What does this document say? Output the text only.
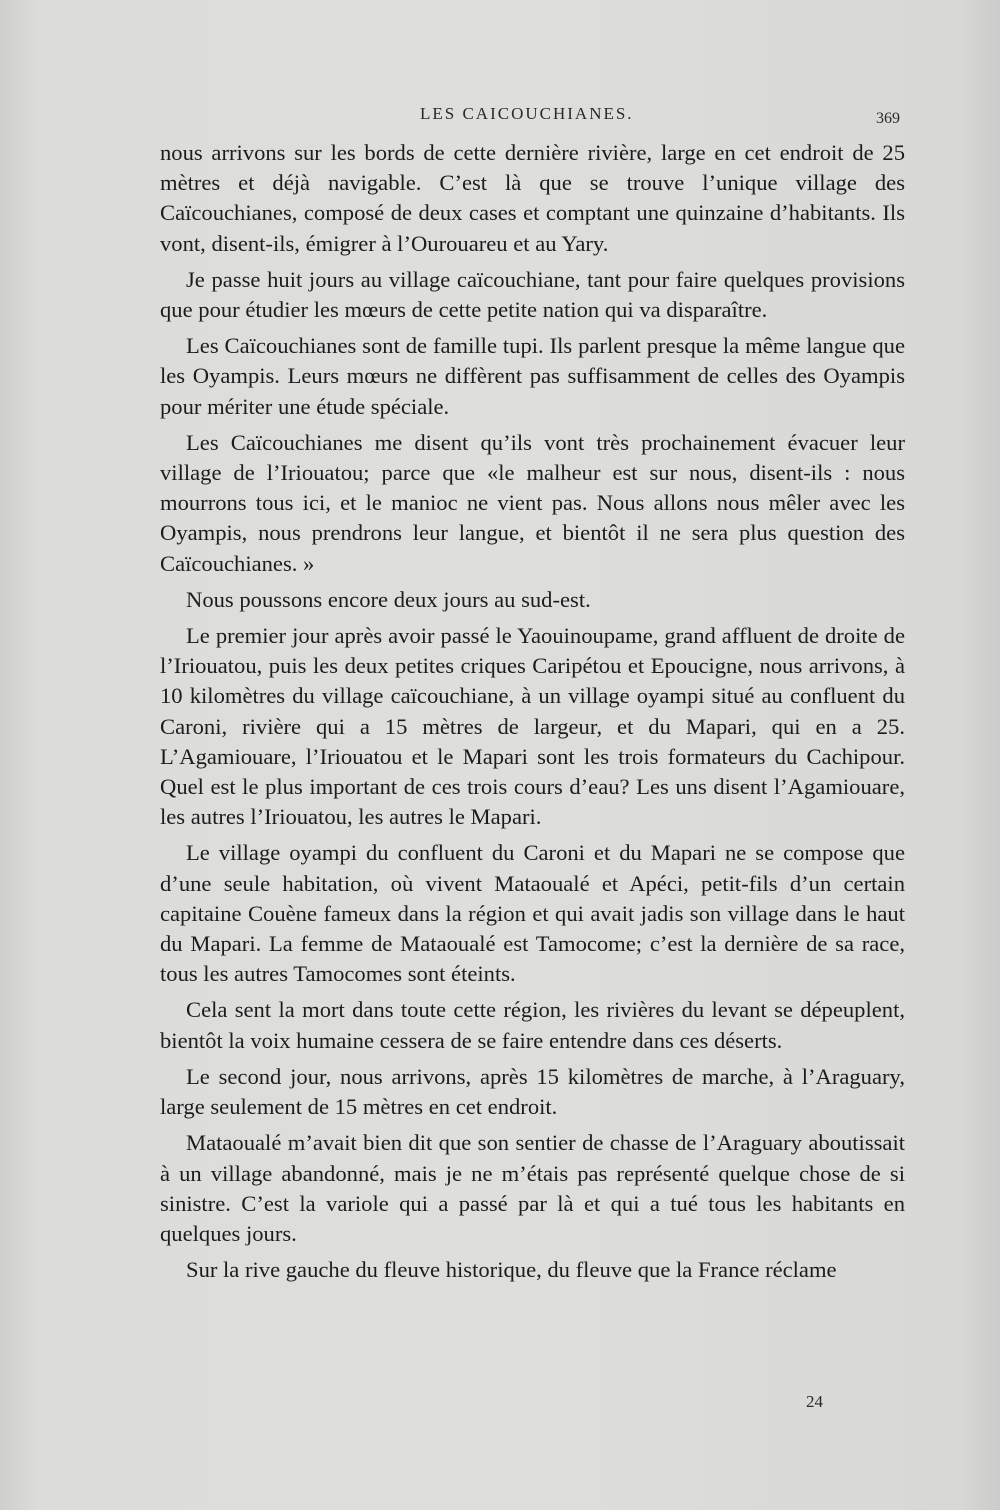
LES CAICOUCHIANES.	369

nous arrivons sur les bords de cette dernière rivière, large en cet endroit de 25 mètres et déjà navigable. C’est là que se trouve l’unique village des Caïcouchianes, composé de deux cases et comptant une quinzaine d’habitants. Ils vont, disent-ils, émigrer à l’Ourouareu et au Yary.

Je passe huit jours au village caïcouchiane, tant pour faire quelques provisions que pour étudier les mœurs de cette petite nation qui va disparaître.

Les Caïcouchianes sont de famille tupi. Ils parlent presque la même langue que les Oyampis. Leurs mœurs ne diffèrent pas suffisamment de celles des Oyampis pour mériter une étude spéciale.

Les Caïcouchianes me disent qu’ils vont très prochainement évacuer leur village de l’Iriouatou; parce que «le malheur est sur nous, disent-ils : nous mourrons tous ici, et le manioc ne vient pas. Nous allons nous mêler avec les Oyampis, nous prendrons leur langue, et bientôt il ne sera plus question des Caïcouchianes. »

Nous poussons encore deux jours au sud-est.

Le premier jour après avoir passé le Yaouinoupame, grand affluent de droite de l’Iriouatou, puis les deux petites criques Caripétou et Epoucigne, nous arrivons, à 10 kilomètres du village caïcouchiane, à un village oyampi situé au confluent du Caroni, rivière qui a 15 mètres de largeur, et du Mapari, qui en a 25. L’Agamiouare, l’Iriouatou et le Mapari sont les trois formateurs du Cachipour. Quel est le plus important de ces trois cours d’eau? Les uns disent l’Agamiouare, les autres l’Iriouatou, les autres le Mapari.

Le village oyampi du confluent du Caroni et du Mapari ne se compose que d’une seule habitation, où vivent Mataoualé et Apéci, petit-fils d’un certain capitaine Couène fameux dans la région et qui avait jadis son village dans le haut du Mapari. La femme de Mataoualé est Tamocome; c’est la dernière de sa race, tous les autres Tamocomes sont éteints.

Cela sent la mort dans toute cette région, les rivières du levant se dépeuplent, bientôt la voix humaine cessera de se faire entendre dans ces déserts.

Le second jour, nous arrivons, après 15 kilomètres de marche, à l’Araguary, large seulement de 15 mètres en cet endroit.

Mataoualé m’avait bien dit que son sentier de chasse de l’Araguary aboutissait à un village abandonné, mais je ne m’étais pas représenté quelque chose de si sinistre. C’est la variole qui a passé par là et qui a tué tous les habitants en quelques jours.

Sur la rive gauche du fleuve historique, du fleuve que la France réclame

24
